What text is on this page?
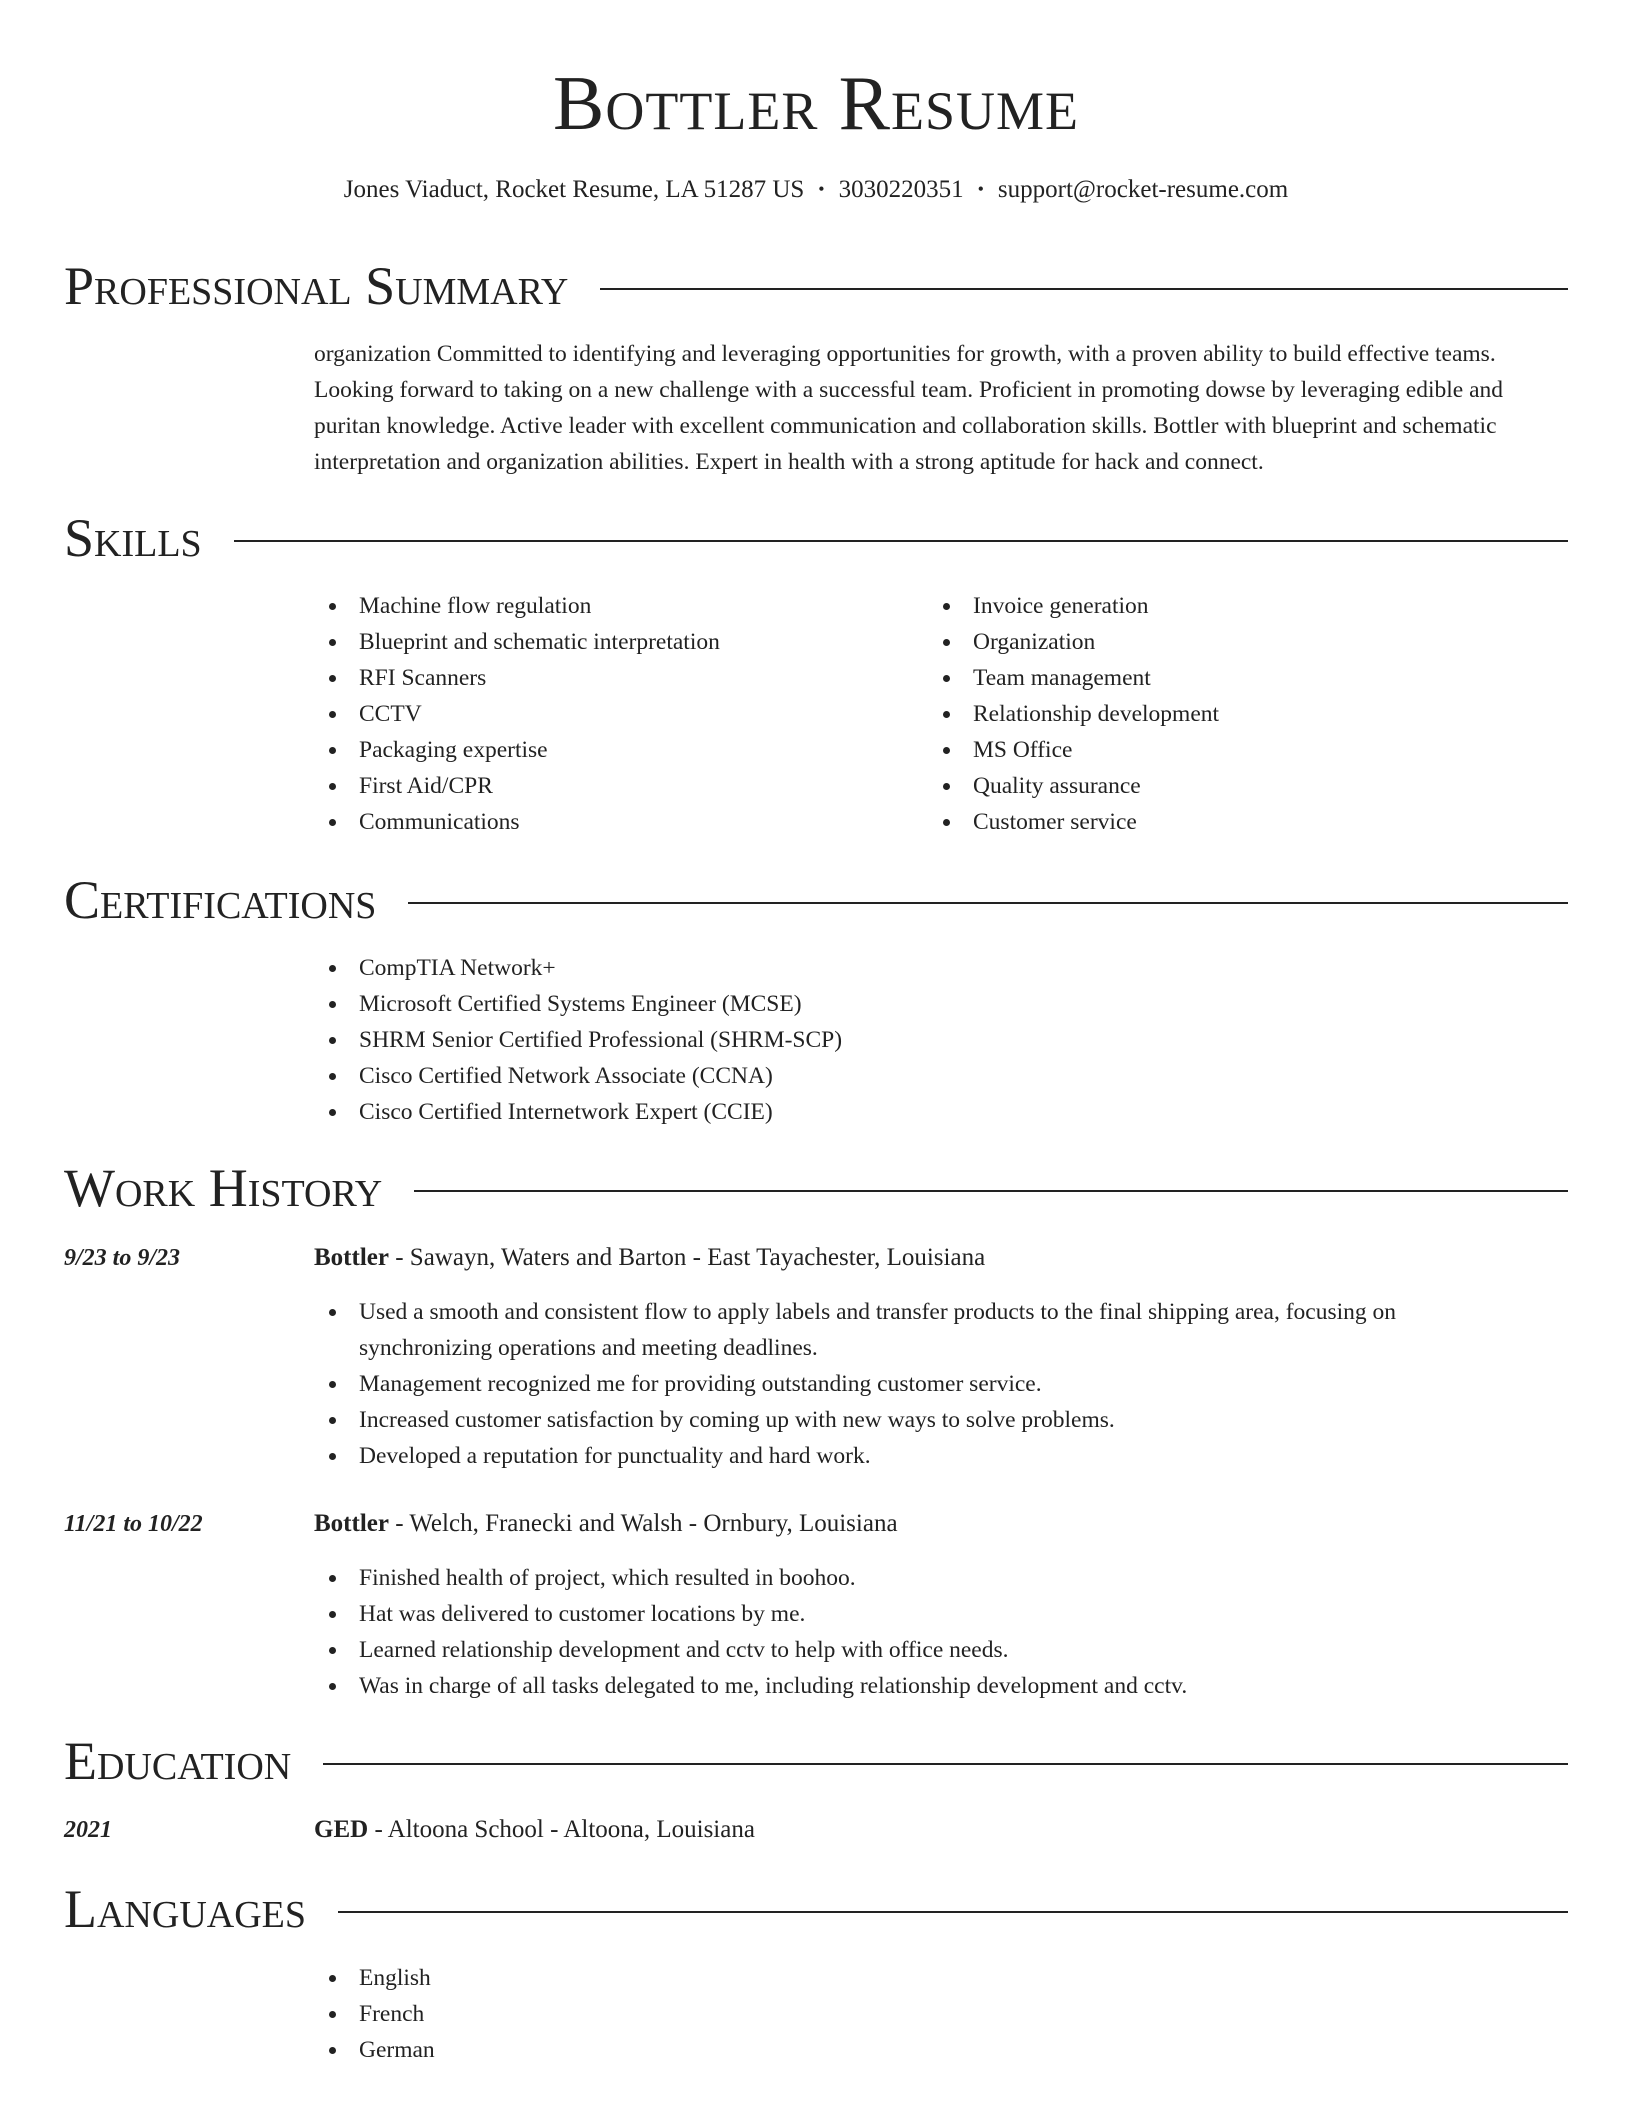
Bottler Resume
Jones Viaduct, Rocket Resume, LA 51287 US • 3030220351 • support@rocket-resume.com
Professional Summary
organization Committed to identifying and leveraging opportunities for growth, with a proven ability to build effective teams. Looking forward to taking on a new challenge with a successful team. Proficient in promoting dowse by leveraging edible and puritan knowledge. Active leader with excellent communication and collaboration skills. Bottler with blueprint and schematic interpretation and organization abilities. Expert in health with a strong aptitude for hack and connect.
Skills
Machine flow regulation
Blueprint and schematic interpretation
RFI Scanners
CCTV
Packaging expertise
First Aid/CPR
Communications
Invoice generation
Organization
Team management
Relationship development
MS Office
Quality assurance
Customer service
Certifications
CompTIA Network+
Microsoft Certified Systems Engineer (MCSE)
SHRM Senior Certified Professional (SHRM-SCP)
Cisco Certified Network Associate (CCNA)
Cisco Certified Internetwork Expert (CCIE)
Work History
9/23 to 9/23	Bottler - Sawayn, Waters and Barton - East Tayachester, Louisiana
Used a smooth and consistent flow to apply labels and transfer products to the final shipping area, focusing on synchronizing operations and meeting deadlines.
Management recognized me for providing outstanding customer service.
Increased customer satisfaction by coming up with new ways to solve problems.
Developed a reputation for punctuality and hard work.
11/21 to 10/22	Bottler - Welch, Franecki and Walsh - Ornbury, Louisiana
Finished health of project, which resulted in boohoo.
Hat was delivered to customer locations by me.
Learned relationship development and cctv to help with office needs.
Was in charge of all tasks delegated to me, including relationship development and cctv.
Education
2021	GED - Altoona School - Altoona, Louisiana
Languages
English
French
German
